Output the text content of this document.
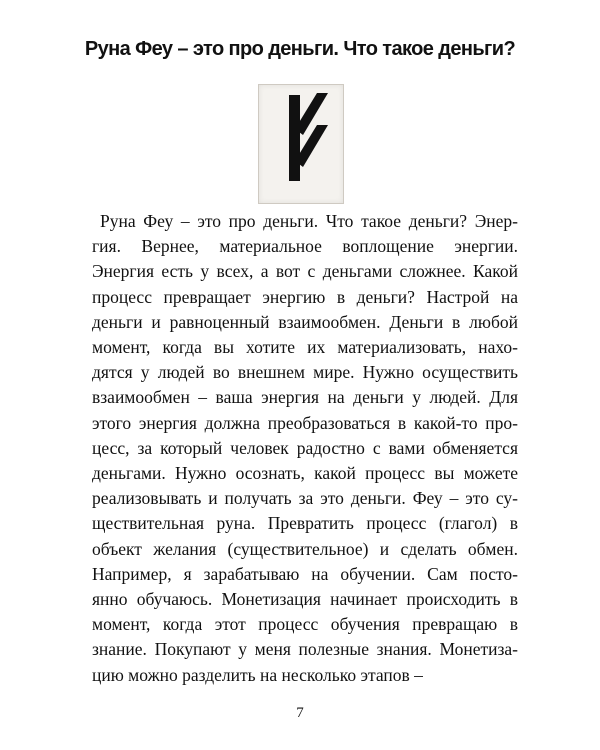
Руна Феу – это про деньги. Что такое деньги?
Руна Феу – это про деньги. Что такое деньги? Энер-
гия. Вернее, материальное воплощение энергии.
Энергия есть у всех, а вот с деньгами сложнее. Какой
процесс превращает энергию в деньги? Настрой на
деньги и равноценный взаимообмен. Деньги в любой
момент, когда вы хотите их материализовать, нахо-
дятся у людей во внешнем мире. Нужно осуществить
взаимообмен – ваша энергия на деньги у людей. Для
этого энергия должна преобразоваться в какой-то про-
цесс, за который человек радостно с вами обменяется
деньгами. Нужно осознать, какой процесс вы можете
реализовывать и получать за это деньги. Феу – это су-
ществительная руна. Превратить процесс (глагол) в
объект желания (существительное) и сделать обмен.
Например, я зарабатываю на обучении. Сам посто-
янно обучаюсь. Монетизация начинает происходить в
момент, когда этот процесс обучения превращаю в
знание. Покупают у меня полезные знания. Монетиза-
цию можно разделить на несколько этапов –
7
